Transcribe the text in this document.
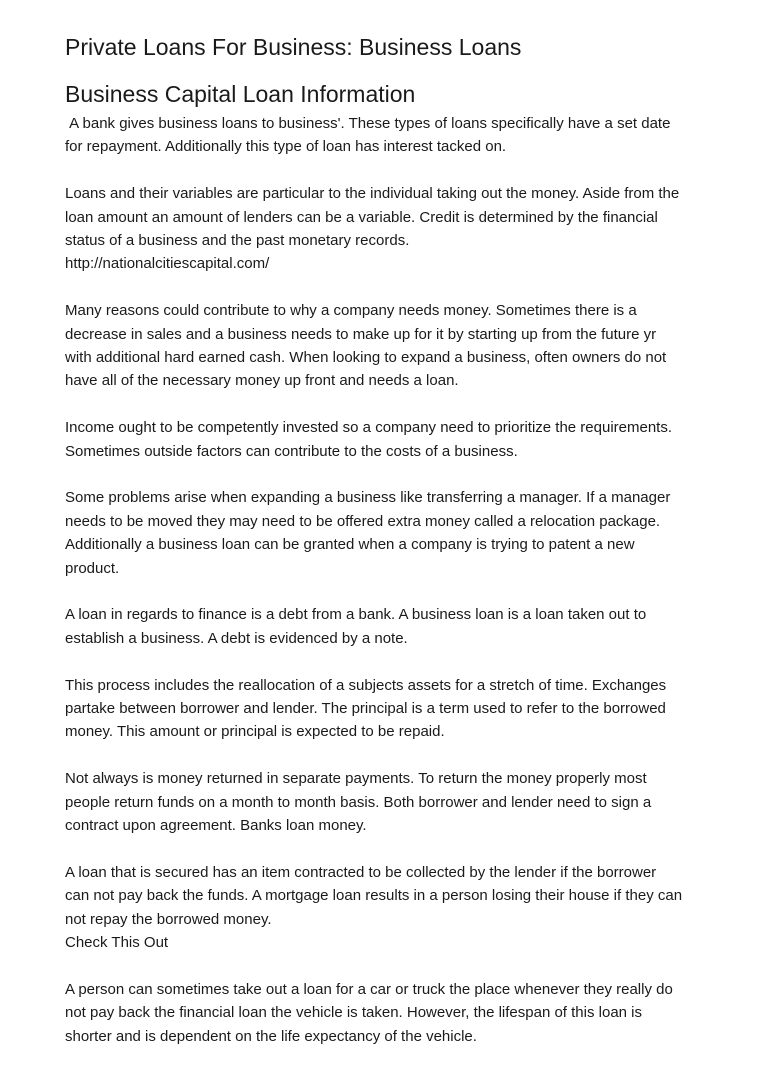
Private Loans For Business: Business Loans
Business Capital Loan Information
A bank gives business loans to business'. These types of loans specifically have a set date
for repayment. Additionally this type of loan has interest tacked on.
Loans and their variables are particular to the individual taking out the money. Aside from the
loan amount an amount of lenders can be a variable. Credit is determined by the financial
status of a business and the past monetary records.
http://nationalcitiescapital.com/
Many reasons could contribute to why a company needs money. Sometimes there is a
decrease in sales and a business needs to make up for it by starting up from the future yr
with additional hard earned cash. When looking to expand a business, often owners do not
have all of the necessary money up front and needs a loan.
Income ought to be competently invested so a company need to prioritize the requirements.
Sometimes outside factors can contribute to the costs of a business.
Some problems arise when expanding a business like transferring a manager. If a manager
needs to be moved they may need to be offered extra money called a relocation package.
Additionally a business loan can be granted when a company is trying to patent a new
product.
A loan in regards to finance is a debt from a bank. A business loan is a loan taken out to
establish a business. A debt is evidenced by a note.
This process includes the reallocation of a subjects assets for a stretch of time. Exchanges
partake between borrower and lender. The principal is a term used to refer to the borrowed
money. This amount or principal is expected to be repaid.
Not always is money returned in separate payments. To return the money properly most
people return funds on a month to month basis. Both borrower and lender need to sign a
contract upon agreement. Banks loan money.
A loan that is secured has an item contracted to be collected by the lender if the borrower
can not pay back the funds. A mortgage loan results in a person losing their house if they can
not repay the borrowed money.
Check This Out
A person can sometimes take out a loan for a car or truck the place whenever they really do
not pay back the financial loan the vehicle is taken. However, the lifespan of this loan is
shorter and is dependent on the life expectancy of the vehicle.
